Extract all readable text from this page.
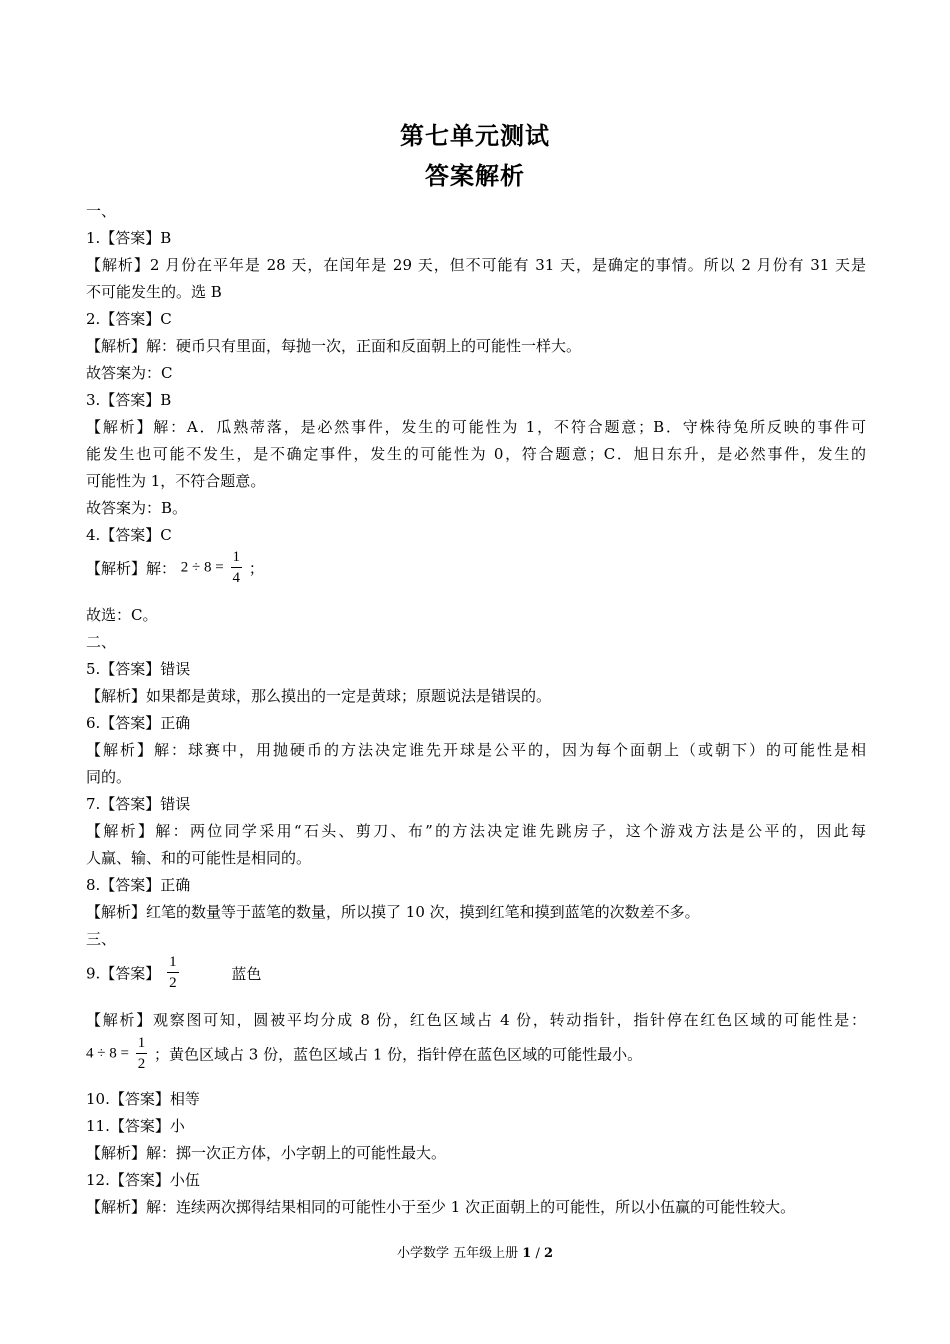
第七单元测试
答案解析
一、
1.【答案】B
【解析】2 月份在平年是 28 天，在闰年是 29 天，但不可能有 31 天，是确定的事情。所以 2 月份有 31 天是
不可能发生的。选 B
2.【答案】C
【解析】解：硬币只有里面，每抛一次，正面和反面朝上的可能性一样大。
故答案为：C
3.【答案】B
【解析】解：A．瓜熟蒂落，是必然事件，发生的可能性为 1，不符合题意；B．守株待兔所反映的事件可
能发生也可能不发生，是不确定事件，发生的可能性为 0，符合题意；C．旭日东升，是必然事件，发生的
可能性为 1，不符合题意。
故答案为：B。
4.【答案】C
【解析】解： $2 \div 8 = \frac{1}{4}$ ；
故选：C。
二、
5.【答案】错误
【解析】如果都是黄球，那么摸出的一定是黄球；原题说法是错误的。
6.【答案】正确
【解析】解：球赛中，用抛硬币的方法决定谁先开球是公平的，因为每个面朝上（或朝下）的可能性是相
同的。
7.【答案】错误
【解析】解：两位同学采用“石头、剪刀、布”的方法决定谁先跳房子，这个游戏方法是公平的，因此每
人赢、输、和的可能性是相同的。
8.【答案】正确
【解析】红笔的数量等于蓝笔的数量，所以摸了 10 次，摸到红笔和摸到蓝笔的次数差不多。
三、
9.【答案】 $\frac{1}{2}$	蓝色
【解析】观察图可知，圆被平均分成 8 份，红色区域占 4 份，转动指针，指针停在红色区域的可能性是：
$4 \div 8 = \frac{1}{2}$ ；黄色区域占 3 份，蓝色区域占 1 份，指针停在蓝色区域的可能性最小。
10.【答案】相等
11.【答案】小
【解析】解：掷一次正方体，小字朝上的可能性最大。
12.【答案】小伍
【解析】解：连续两次掷得结果相同的可能性小于至少 1 次正面朝上的可能性，所以小伍赢的可能性较大。
小学数学 五年级上册 1 / 2
